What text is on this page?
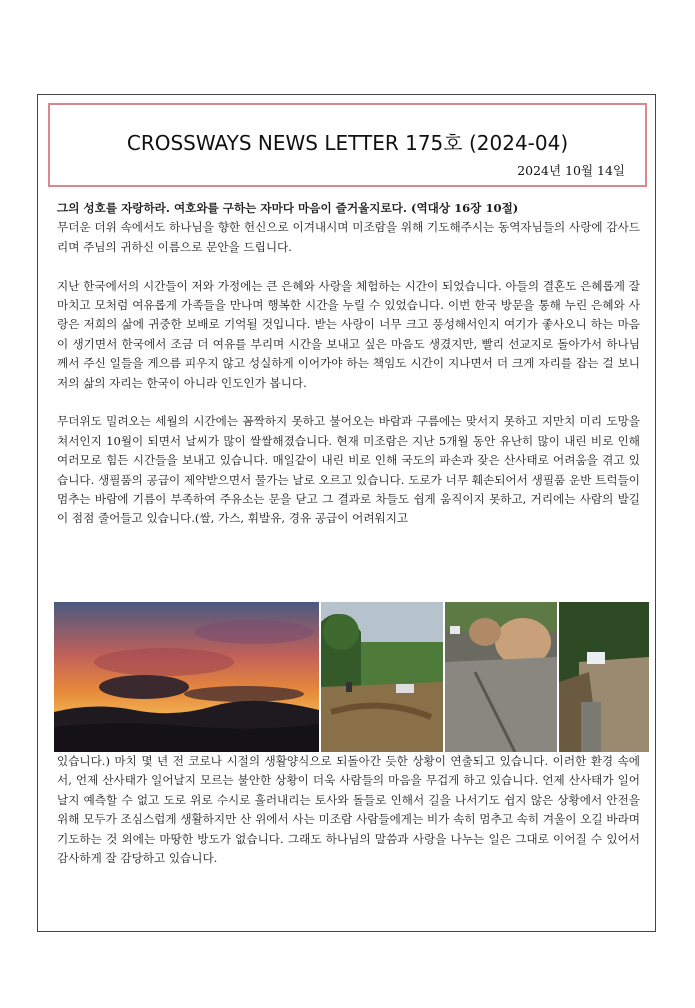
CROSSWAYS NEWS LETTER 175호 (2024-04)
2024년 10월 14일

그의 성호를 자랑하라. 여호와를 구하는 자마다 마음이 즐거울지로다. (역대상 16장 10절)

무더운 더위 속에서도 하나님을 향한 헌신으로 이겨내시며 미조람을 위해 기도해주시는 동역자님들의 사랑에 감사드리며 주님의 귀하신 이름으로 문안을 드립니다.

지난 한국에서의 시간들이 저와 가정에는 큰 은혜와 사랑을 체험하는 시간이 되었습니다. 아들의 결혼도 은혜롭게 잘 마치고 모처럼 여유롭게 가족들을 만나며 행복한 시간을 누릴 수 있었습니다. 이번 한국 방문을 통해 누린 은혜와 사랑은 저희의 삶에 귀중한 보배로 기억될 것입니다. 받는 사랑이 너무 크고 풍성해서인지 여기가 좋사오니 하는 마음이 생기면서 한국에서 조금 더 여유를 부리며 시간을 보내고 싶은 마음도 생겼지만, 빨리 선교지로 돌아가서 하나님께서 주신 일들을 게으름 피우지 않고 성실하게 이어가야 하는 책임도 시간이 지나면서 더 크게 자리를 잡는 걸 보니 저의 삶의 자리는 한국이 아니라 인도인가 봅니다.

무더위도 밀려오는 세월의 시간에는 꼼짝하지 못하고 불어오는 바람과 구름에는 맞서지 못하고 지만치 미리 도망을 쳐서인지 10월이 되면서 날씨가 많이 쌀쌀해졌습니다. 현재 미조람은 지난 5개월 동안 유난히 많이 내린 비로 인해 여러모로 힘든 시간들을 보내고 있습니다. 매일같이 내린 비로 인해 국도의 파손과 잦은 산사태로 어려움을 겪고 있습니다. 생필품의 공급이 제약받으면서 물가는 날로 오르고 있습니다. 도로가 너무 훼손되어서 생필품 운반 트럭들이 멈추는 바람에 기름이 부족하여 주유소는 문을 닫고 그 결과로 차들도 쉽게 움직이지 못하고, 거리에는 사람의 발길이 점점 줄어들고 있습니다.(쌀, 가스, 휘발유, 경유 공급이 어려워지고

있습니다.) 마치 몇 년 전 코로나 시절의 생활양식으로 되돌아간 듯한 상황이 연출되고 있습니다. 이러한 환경 속에서, 언제 산사태가 일어날지 모르는 불안한 상황이 더욱 사람들의 마음을 무겁게 하고 있습니다. 언제 산사태가 일어날지 예측할 수 없고 도로 위로 수시로 흘러내리는 토사와 돌들로 인해서 길을 나서기도 쉽지 않은 상황에서 안전을 위해 모두가 조심스럽게 생활하지만 산 위에서 사는 미조람 사람들에게는 비가 속히 멈추고 속히 겨울이 오길 바라며 기도하는 것 외에는 마땅한 방도가 없습니다. 그래도 하나님의 말씀과 사랑을 나누는 일은 그대로 이어질 수 있어서 감사하게 잘 감당하고 있습니다.
